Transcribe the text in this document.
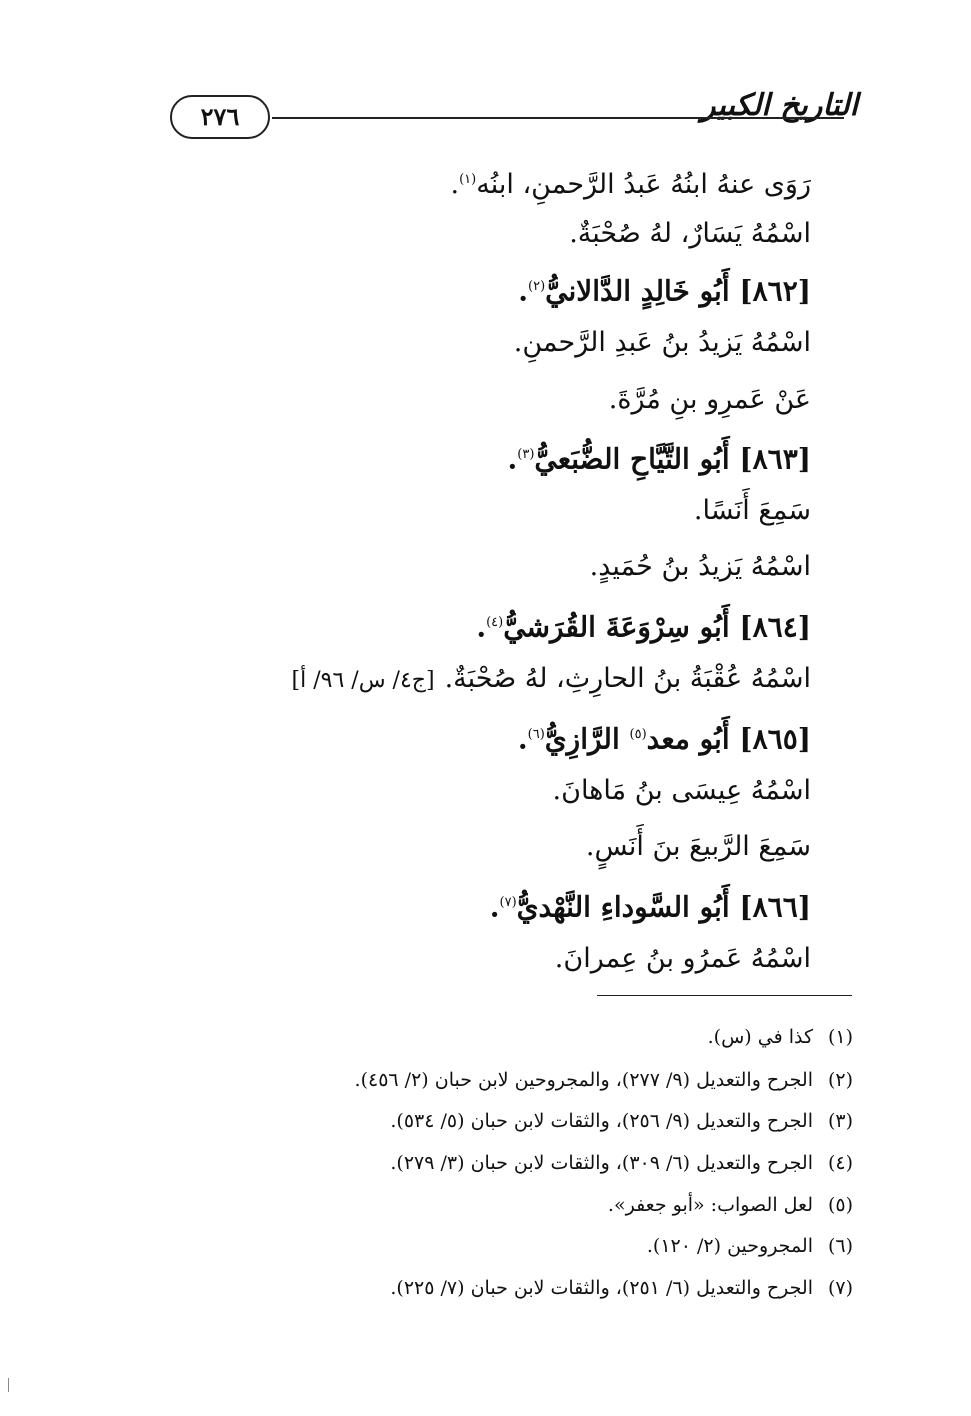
التاريخ الكبير
٢٧٦
رَوَى عنهُ ابنُهُ عَبدُ الرَّحمنِ، ابنُه$^{(١)}$.
اسْمُهُ يَسَارٌ، لهُ صُحْبَةٌ.
[٨٦٢] أَبُو خَالِدٍ الدَّالانيُّ$^{(٢)}$.
اسْمُهُ يَزيدُ بنُ عَبدِ الرَّحمنِ.
عَنْ عَمرِو بنِ مُرَّةَ.
[٨٦٣] أَبُو التَّيَّاحِ الضُّبَعيُّ$^{(٣)}$.
سَمِعَ أَنَسًا.
اسْمُهُ يَزيدُ بنُ حُمَيدٍ.
[٨٦٤] أَبُو سِرْوَعَةَ القُرَشيُّ$^{(٤)}$.
اسْمُهُ عُقْبَةُ بنُ الحارِثِ، لهُ صُحْبَةٌ.[ج٤/ س/ ٩٦/ أ]
[٨٦٥] أَبُو معد$^{(٥)}$ الرَّازِيُّ$^{(٦)}$.
اسْمُهُ عِيسَى بنُ مَاهانَ.
سَمِعَ الرَّبيعَ بنَ أَنَسٍ.
[٨٦٦] أَبُو السَّوداءِ النَّهْديُّ$^{(٧)}$.
اسْمُهُ عَمرُو بنُ عِمرانَ.
(١)كذا في (س).
(٢)الجرح والتعديل (٩/ ٢٧٧)، والمجروحين لابن حبان (٢/ ٤٥٦).
(٣)الجرح والتعديل (٩/ ٢٥٦)، والثقات لابن حبان (٥/ ٥٣٤).
(٤)الجرح والتعديل (٦/ ٣٠٩)، والثقات لابن حبان (٣/ ٢٧٩).
(٥)لعل الصواب: «أبو جعفر».
(٦)المجروحين (٢/ ١٢٠).
(٧)الجرح والتعديل (٦/ ٢٥١)، والثقات لابن حبان (٧/ ٢٢٥).
